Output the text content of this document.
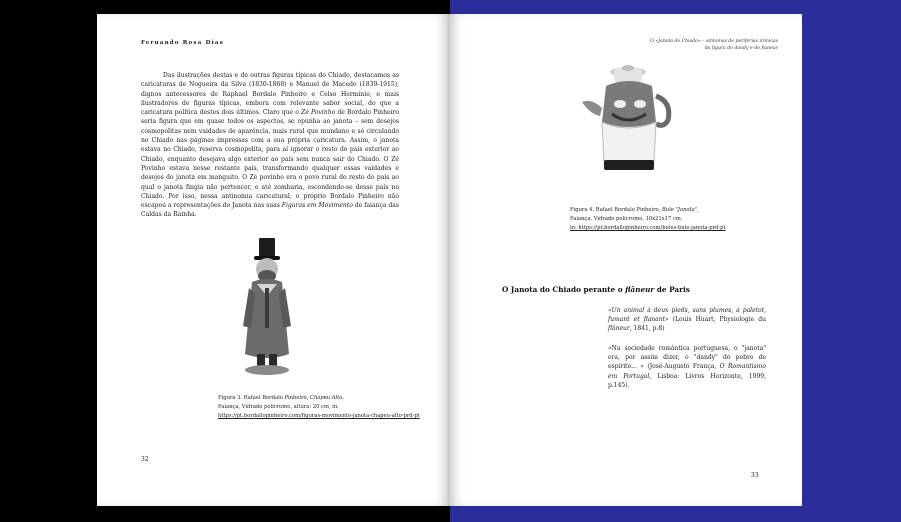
Fernando Rosa Dias
Das ilustrações destas e de outras figuras típicas do Chiado, destacamos as caricaturas de Nogueira da Silva (1830-1868) e Manuel de Macedo (1839-1915), dignos antecessores de Raphael Bordalo Pinheiro e Celso Hermínio, e mais ilustradores de figuras típicas, embora com relevante sabor social, do que a caricatura política destes dois últimos. Claro que o Zé Povinho de Bordalo Pinheiro seria figura que em quase todos os aspectos, se opunha ao janota – sem desejos cosmopolitas nem vaidades de aparência, mais rural que mundano e só circulando no Chiado nas páginas impressas com a sua própria caricatura. Assim, o janota estava no Chiado, reserva cosmopolita, para aí ignorar o resto do país exterior ao Chiado, enquanto desejava algo exterior ao país sem nunca sair do Chiado. O Zé Povinho estava nesse restante país, transformando qualquer essas vaidades e desejos do janota em manguito. O Zé povinho era o povo rural do resto do país ao qual o janota fingia não pertencer, e até zombaria, escondendo-se desse país no Chiado. Por isso, nessa antinomia caricatural, o próprio Bordalo Pinheiro não escapou a representações do Janota nas suas Figuras em Movimento de faiança das Caldas da Rainha.
Figura 3. Rafael Bordalo Pinheiro, Chapéu Alto.
Faiança, Vidrado policromo, altura: 20 cm, in:
https://pt.bordallopinheiro.com/figuras-movimento-janota-chapeu-alto-prd-pt
32
O «Janota do Chiado» – sintomas de periferias irónicas
da figura do dandy e do flaneur
Figura 4. Rafael Bordalo Pinheiro, Bule "Janota",
Faiança, Vidrado policromo, 10x21x17 cm,
in: https://pt.bordallopinheiro.com/bules-bule-janota-prd-pt
O Janota do Chiado perante o flâneur de Paris
«Un animal à deux pieds, sans plumes, à paletot, fumant et flanant» (Louis Huart, Physiologie du flâneur, 1841, p.8)
«Na sociedade romântica portuguesa, o "janota" era, por assim dizer, o "dandy" do pobre de espírito... » (José-Augusto França, O Romantismo em Portugal, Lisboa: Livros Horizonte, 1999, p.145).
33
